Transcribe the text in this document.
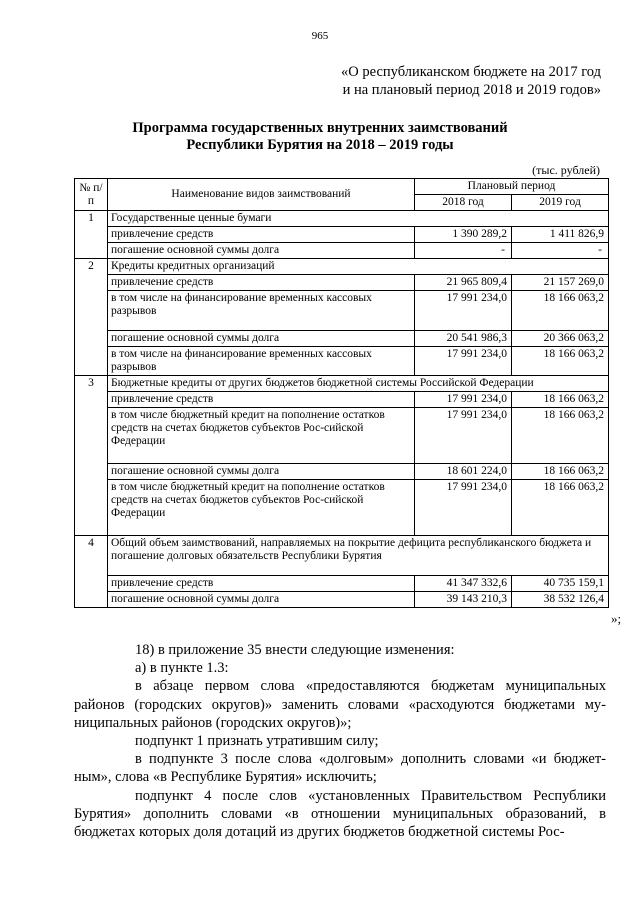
965
«О республиканском бюджете на 2017 год
и на плановый период 2018 и 2019 годов»
Программа государственных внутренних заимствований
Республики Бурятия на 2018 – 2019 годы
(тыс. рублей)
№ п/п	Наименование видов заимствований	Плановый период	
		2018 год	2019 год
1	Государственные ценные бумаги		
	привлечение средств	1 390 289,2	1 411 826,9
	погашение основной суммы долга	-	-
2	Кредиты кредитных организаций		
	привлечение средств	21 965 809,4	21 157 269,0
	в том числе на финансирование временных кассовых разрывов	17 991 234,0	18 166 063,2
	погашение основной суммы долга	20 541 986,3	20 366 063,2
	в том числе на финансирование временных кассовых разрывов	17 991 234,0	18 166 063,2
3	Бюджетные кредиты от других бюджетов бюджетной системы Российской Федерации		
	привлечение средств	17 991 234,0	18 166 063,2
	в том числе бюджетный кредит на пополнение остатков средств на счетах бюджетов субъектов Рос-сийской Федерации	17 991 234,0	18 166 063,2
	погашение основной суммы долга	18 601 224,0	18 166 063,2
	в том числе бюджетный кредит на пополнение остатков средств на счетах бюджетов субъектов Рос-сийской Федерации	17 991 234,0	18 166 063,2
4	Общий объем заимствований, направляемых на покрытие дефицита республиканского бюджета и погашение долговых обязательств Республики Бурятия		
	привлечение средств	41 347 332,6	40 735 159,1
	погашение основной суммы долга	39 143 210,3	38 532 126,4
»;

18) в приложение 35 внести следующие изменения:

а) в пункте 1.3:

в абзаце первом слова «предоставляются бюджетам муниципальных районов (городских округов)» заменить словами «расходуются бюджетами му-ниципальных районов (городских округов)»;

подпункт 1 признать утратившим силу;

в подпункте 3 после слова «долговым» дополнить словами «и бюджет-ным», слова «в Республике Бурятия» исключить;

подпункт 4 после слов «установленных Правительством Республики Бурятия» дополнить словами «в отношении муниципальных образований, в бюджетах которых доля дотаций из других бюджетов бюджетной системы Рос-
